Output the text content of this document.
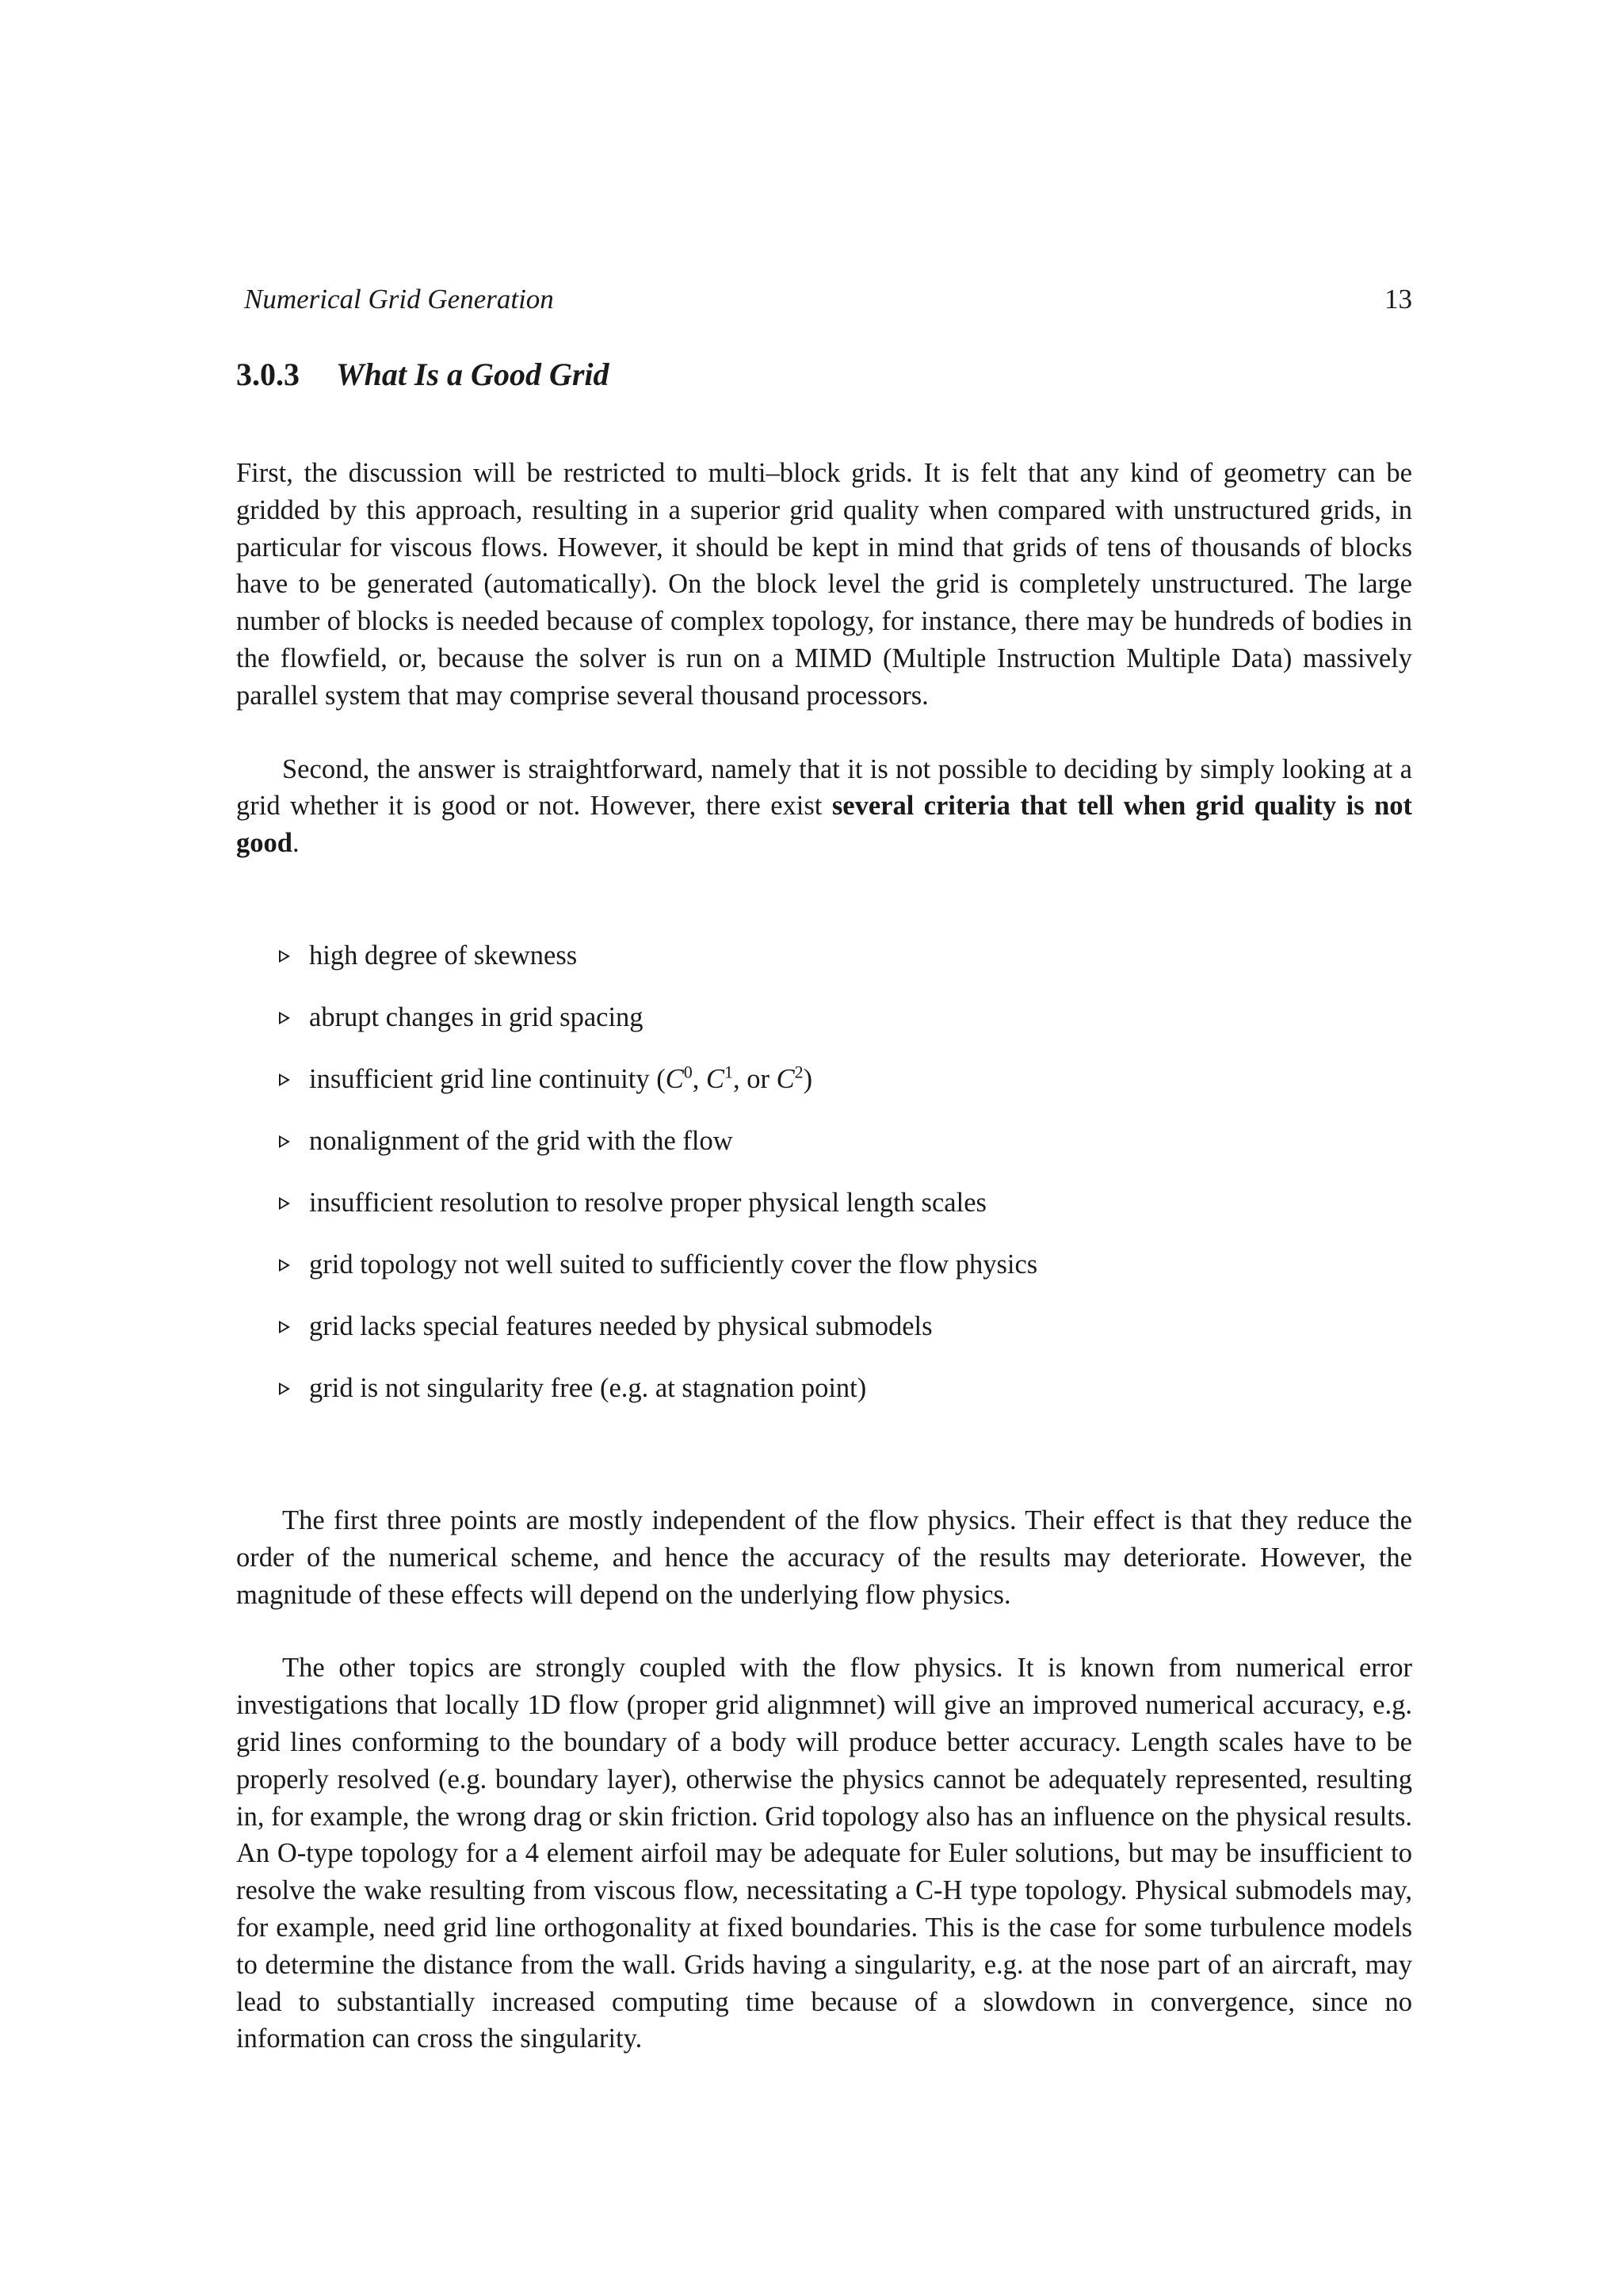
Numerical Grid Generation	13
3.0.3 What Is a Good Grid

First, the discussion will be restricted to multi–block grids. It is felt that any kind of geometry can be gridded by this approach, resulting in a superior grid quality when compared with unstructured grids, in particular for viscous flows. However, it should be kept in mind that grids of tens of thousands of blocks have to be generated (automatically). On the block level the grid is completely unstructured. The large number of blocks is needed because of complex topology, for instance, there may be hundreds of bodies in the flowfield, or, because the solver is run on a MIMD (Multiple Instruction Multiple Data) massively parallel system that may comprise several thousand processors.

Second, the answer is straightforward, namely that it is not possible to deciding by simply looking at a grid whether it is good or not. However, there exist several criteria that tell when grid quality is not good.

high degree of skewness
abrupt changes in grid spacing
insufficient grid line continuity ($C^0$, $C^1$, or $C^2$)
nonalignment of the grid with the flow
insufficient resolution to resolve proper physical length scales
grid topology not well suited to sufficiently cover the flow physics
grid lacks special features needed by physical submodels
grid is not singularity free (e.g. at stagnation point)

The first three points are mostly independent of the flow physics. Their effect is that they reduce the order of the numerical scheme, and hence the accuracy of the results may deteriorate. However, the magnitude of these effects will depend on the underlying flow physics.

The other topics are strongly coupled with the flow physics. It is known from numerical error investigations that locally 1D flow (proper grid alignmnet) will give an improved numerical accuracy, e.g. grid lines conforming to the boundary of a body will produce better accuracy. Length scales have to be properly resolved (e.g. boundary layer), otherwise the physics cannot be adequately represented, resulting in, for example, the wrong drag or skin friction. Grid topology also has an influence on the physical results. An O-type topology for a 4 element airfoil may be adequate for Euler solutions, but may be insufficient to resolve the wake resulting from viscous flow, necessitating a C-H type topology. Physical submodels may, for example, need grid line orthogonality at fixed boundaries. This is the case for some turbulence models to determine the distance from the wall. Grids having a singularity, e.g. at the nose part of an aircraft, may lead to substantially increased computing time because of a slowdown in convergence, since no information can cross the singularity.
